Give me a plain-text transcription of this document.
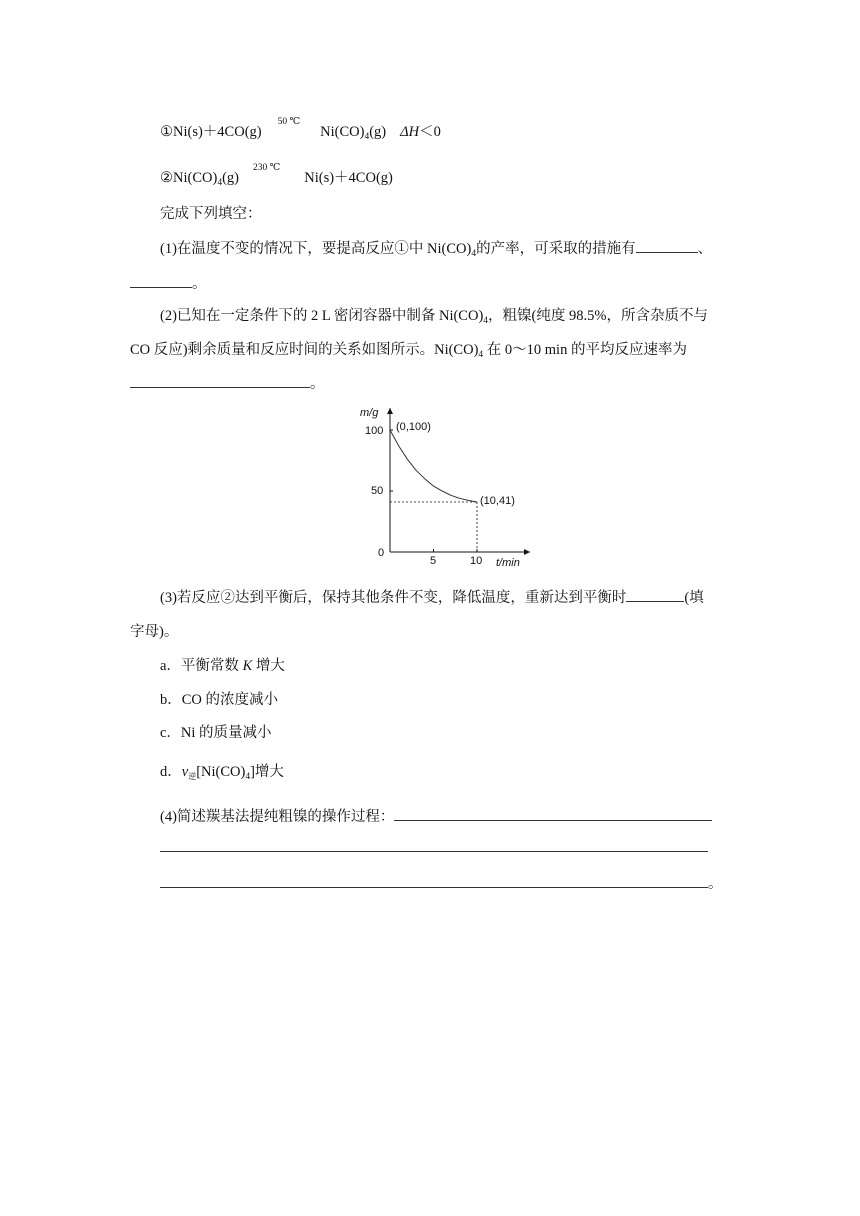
$①Ni(s)+4CO(g)^{50 ℃}Ni(CO)_4(g)$ ΔH＜0
$②Ni(CO)_4(g)^{230 ℃}Ni(s)+4CO(g)$
完成下列填空：
(1)在温度不变的情况下，要提高反应①中 $Ni(CO)_4$的产率，可采取的措施有	、
。
(2)已知在一定条件下的 2 L 密闭容器中制备 $Ni(CO)_4$，粗镍(纯度 98.5%，所含杂质不与
CO 反应)剩余质量和反应时间的关系如图所示。$Ni(CO)_4$ 在 0～10 min 的平均反应速率为
。
m/g
t/min
100
50
0
5	10
(0,100)
(10,41)
(3)若反应②达到平衡后，保持其他条件不变，降低温度，重新达到平衡时	(填
字母)。
a．平衡常数 K 增大
b．CO 的浓度减小
c．Ni 的质量减小
d．$v_逆[Ni(CO)_4]$增大
(4)简述羰基法提纯粗镍的操作过程：
。
